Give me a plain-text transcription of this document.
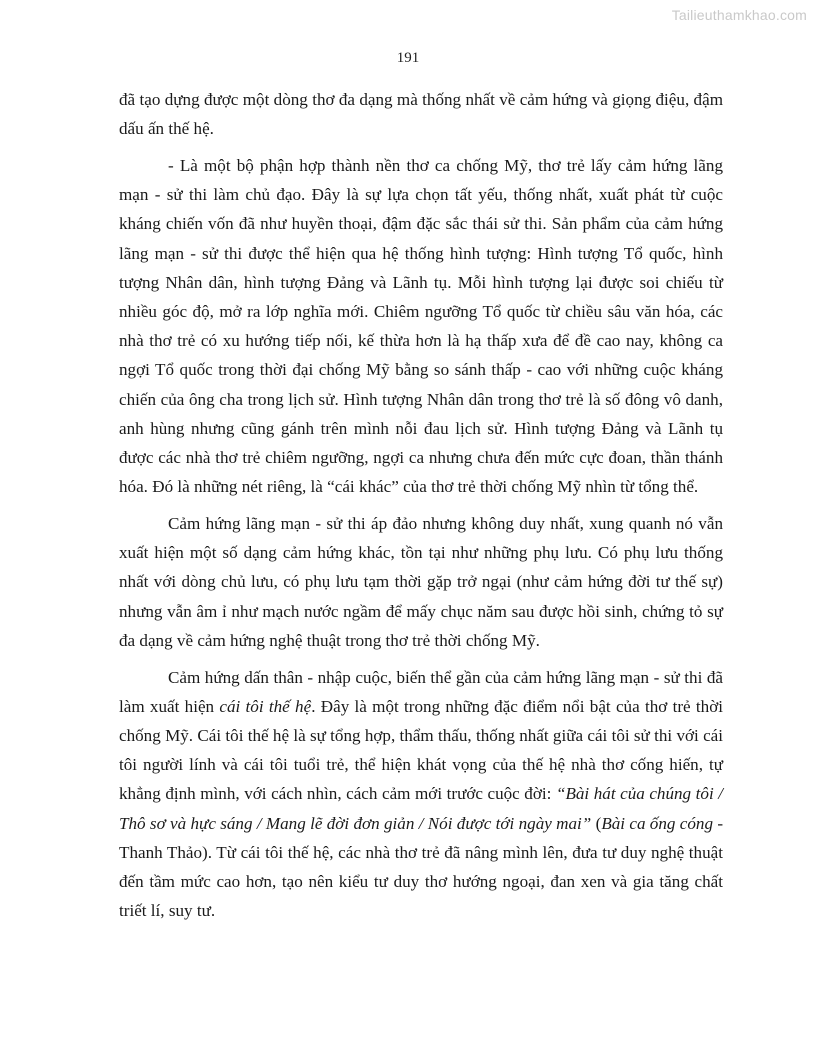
Tailieuthamkhao.com
191

đã tạo dựng được một dòng thơ đa dạng mà thống nhất về cảm hứng và giọng điệu, đậm dấu ấn thế hệ.

- Là một bộ phận hợp thành nền thơ ca chống Mỹ, thơ trẻ lấy cảm hứng lãng mạn - sử thi làm chủ đạo. Đây là sự lựa chọn tất yếu, thống nhất, xuất phát từ cuộc kháng chiến vốn đã như huyền thoại, đậm đặc sắc thái sử thi. Sản phẩm của cảm hứng lãng mạn - sử thi được thể hiện qua hệ thống hình tượng: Hình tượng Tổ quốc, hình tượng Nhân dân, hình tượng Đảng và Lãnh tụ. Mỗi hình tượng lại được soi chiếu từ nhiều góc độ, mở ra lớp nghĩa mới. Chiêm ngưỡng Tổ quốc từ chiều sâu văn hóa, các nhà thơ trẻ có xu hướng tiếp nối, kế thừa hơn là hạ thấp xưa để đề cao nay, không ca ngợi Tổ quốc trong thời đại chống Mỹ bằng so sánh thấp - cao với những cuộc kháng chiến của ông cha trong lịch sử. Hình tượng Nhân dân trong thơ trẻ là số đông vô danh, anh hùng nhưng cũng gánh trên mình nỗi đau lịch sử. Hình tượng Đảng và Lãnh tụ được các nhà thơ trẻ chiêm ngưỡng, ngợi ca nhưng chưa đến mức cực đoan, thần thánh hóa. Đó là những nét riêng, là “cái khác” của thơ trẻ thời chống Mỹ nhìn từ tổng thể.

Cảm hứng lãng mạn - sử thi áp đảo nhưng không duy nhất, xung quanh nó vẫn xuất hiện một số dạng cảm hứng khác, tồn tại như những phụ lưu. Có phụ lưu thống nhất với dòng chủ lưu, có phụ lưu tạm thời gặp trở ngại (như cảm hứng đời tư thế sự) nhưng vẫn âm ỉ như mạch nước ngầm để mấy chục năm sau được hồi sinh, chứng tỏ sự đa dạng về cảm hứng nghệ thuật trong thơ trẻ thời chống Mỹ.

Cảm hứng dấn thân - nhập cuộc, biến thể gần của cảm hứng lãng mạn - sử thi đã làm xuất hiện cái tôi thế hệ. Đây là một trong những đặc điểm nổi bật của thơ trẻ thời chống Mỹ. Cái tôi thế hệ là sự tổng hợp, thẩm thấu, thống nhất giữa cái tôi sử thi với cái tôi người lính và cái tôi tuổi trẻ, thể hiện khát vọng của thế hệ nhà thơ cống hiến, tự khẳng định mình, với cách nhìn, cách cảm mới trước cuộc đời: “Bài hát của chúng tôi / Thô sơ và hực sáng / Mang lẽ đời đơn giản / Nói được tới ngày mai” (Bài ca ống cóng - Thanh Thảo). Từ cái tôi thế hệ, các nhà thơ trẻ đã nâng mình lên, đưa tư duy nghệ thuật đến tầm mức cao hơn, tạo nên kiểu tư duy thơ hướng ngoại, đan xen và gia tăng chất triết lí, suy tư.
